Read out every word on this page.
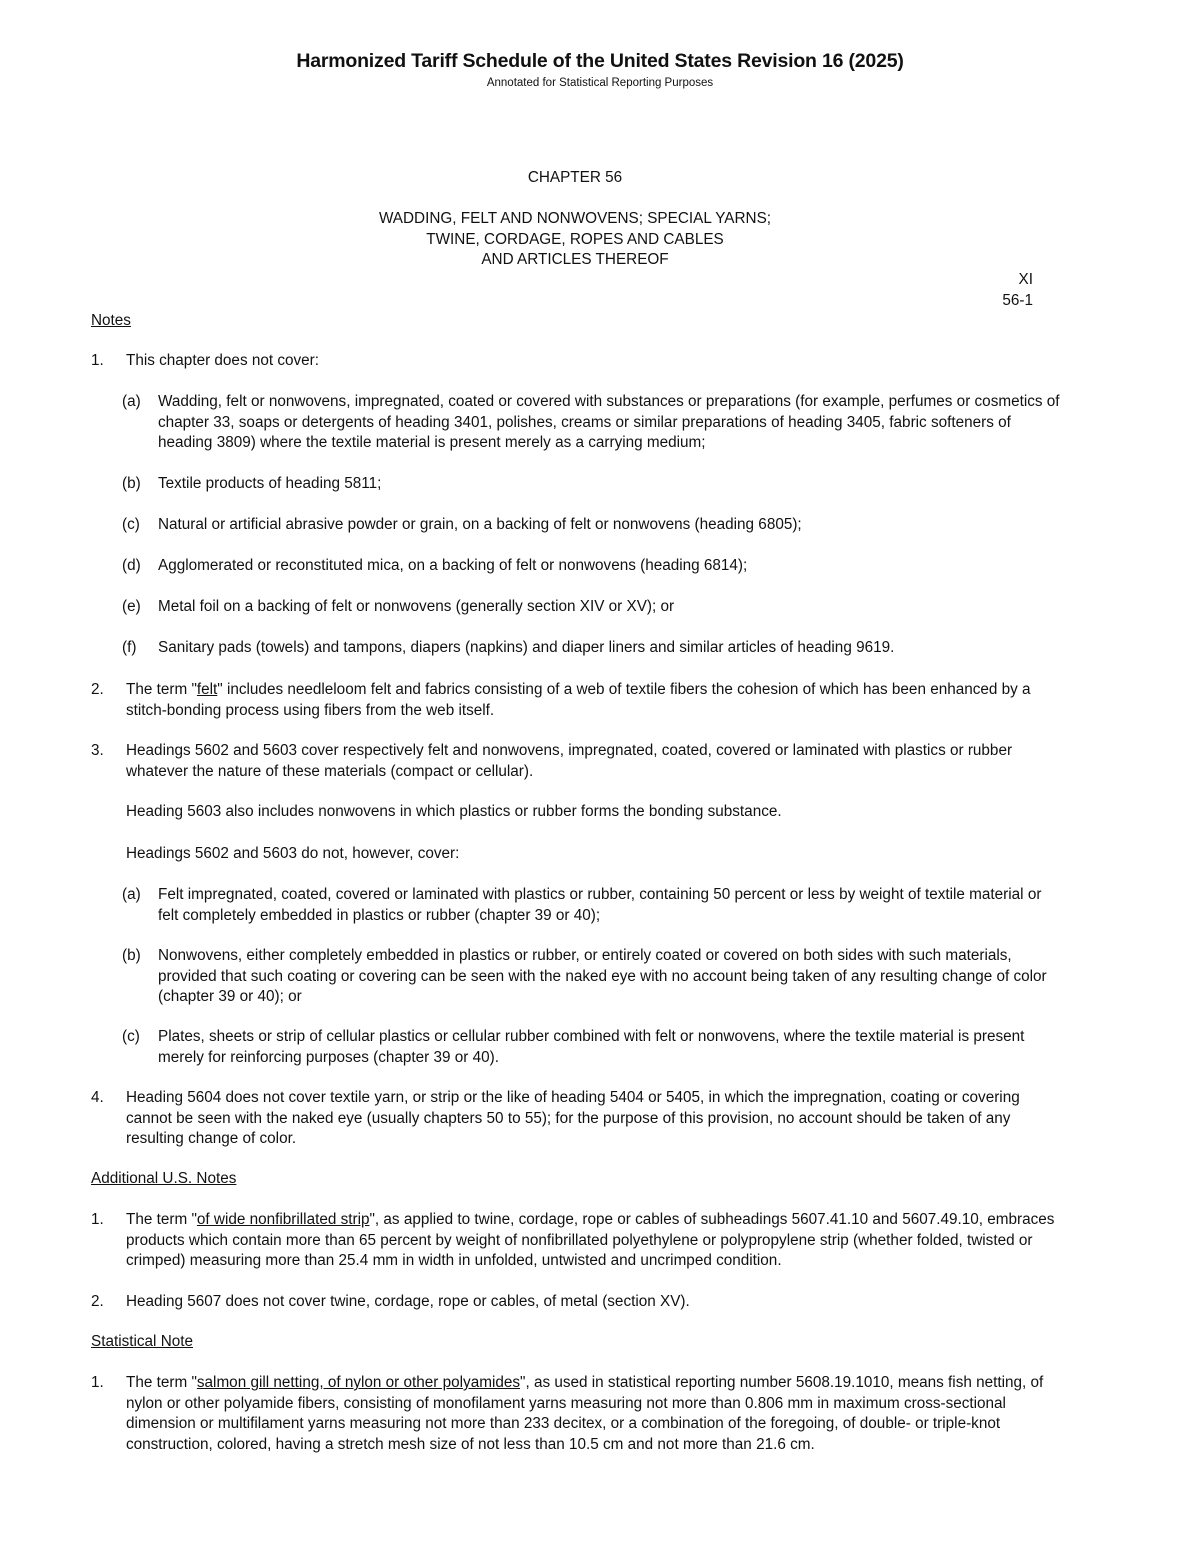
Harmonized Tariff Schedule of the United States Revision 16 (2025)
Annotated for Statistical Reporting Purposes
CHAPTER 56
WADDING, FELT AND NONWOVENS; SPECIAL YARNS;
TWINE, CORDAGE, ROPES AND CABLES
AND ARTICLES THEREOF
XI
56-1
Notes
1. This chapter does not cover:
(a) Wadding, felt or nonwovens, impregnated, coated or covered with substances or preparations (for example, perfumes or cosmetics of chapter 33, soaps or detergents of heading 3401, polishes, creams or similar preparations of heading 3405, fabric softeners of heading 3809) where the textile material is present merely as a carrying medium;
(b) Textile products of heading 5811;
(c) Natural or artificial abrasive powder or grain, on a backing of felt or nonwovens (heading 6805);
(d) Agglomerated or reconstituted mica, on a backing of felt or nonwovens (heading 6814);
(e) Metal foil on a backing of felt or nonwovens (generally section XIV or XV); or
(f) Sanitary pads (towels) and tampons, diapers (napkins) and diaper liners and similar articles of heading 9619.
2. The term "felt" includes needleloom felt and fabrics consisting of a web of textile fibers the cohesion of which has been enhanced by a stitch-bonding process using fibers from the web itself.
3. Headings 5602 and 5603 cover respectively felt and nonwovens, impregnated, coated, covered or laminated with plastics or rubber whatever the nature of these materials (compact or cellular).
Heading 5603 also includes nonwovens in which plastics or rubber forms the bonding substance.
Headings 5602 and 5603 do not, however, cover:
(a) Felt impregnated, coated, covered or laminated with plastics or rubber, containing 50 percent or less by weight of textile material or felt completely embedded in plastics or rubber (chapter 39 or 40);
(b) Nonwovens, either completely embedded in plastics or rubber, or entirely coated or covered on both sides with such materials, provided that such coating or covering can be seen with the naked eye with no account being taken of any resulting change of color (chapter 39 or 40); or
(c) Plates, sheets or strip of cellular plastics or cellular rubber combined with felt or nonwovens, where the textile material is present merely for reinforcing purposes (chapter 39 or 40).
4. Heading 5604 does not cover textile yarn, or strip or the like of heading 5404 or 5405, in which the impregnation, coating or covering cannot be seen with the naked eye (usually chapters 50 to 55); for the purpose of this provision, no account should be taken of any resulting change of color.
Additional U.S. Notes
1. The term "of wide nonfibrillated strip", as applied to twine, cordage, rope or cables of subheadings 5607.41.10 and 5607.49.10, embraces products which contain more than 65 percent by weight of nonfibrillated polyethylene or polypropylene strip (whether folded, twisted or crimped) measuring more than 25.4 mm in width in unfolded, untwisted and uncrimped condition.
2. Heading 5607 does not cover twine, cordage, rope or cables, of metal (section XV).
Statistical Note
1. The term "salmon gill netting, of nylon or other polyamides", as used in statistical reporting number 5608.19.1010, means fish netting, of nylon or other polyamide fibers, consisting of monofilament yarns measuring not more than 0.806 mm in maximum cross-sectional dimension or multifilament yarns measuring not more than 233 decitex, or a combination of the foregoing, of double- or triple-knot construction, colored, having a stretch mesh size of not less than 10.5 cm and not more than 21.6 cm.
